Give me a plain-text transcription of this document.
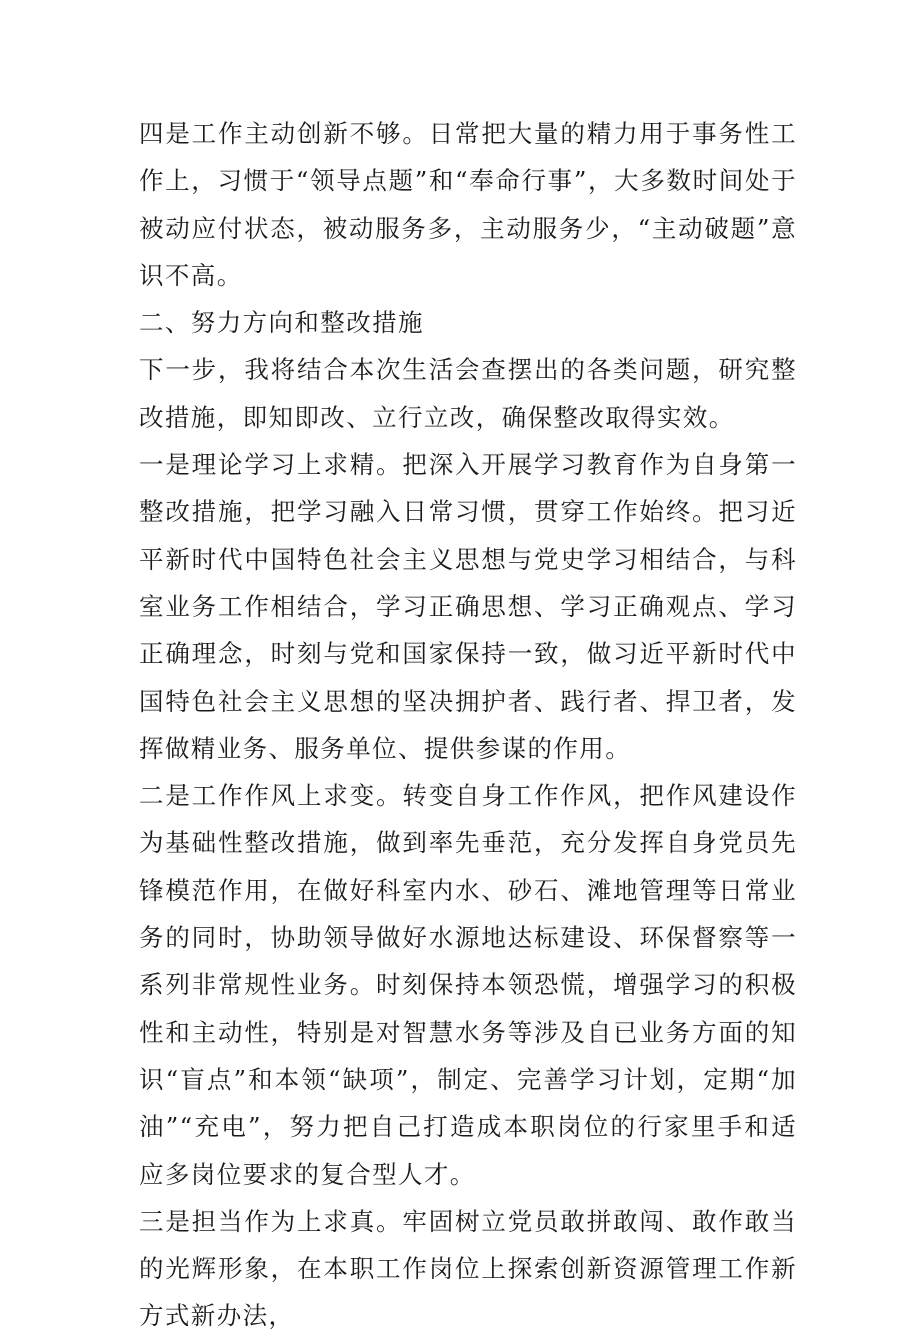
四是工作主动创新不够。日常把大量的精力用于事务性工作上，习惯于“领导点题”和“奉命行事”，大多数时间处于被动应付状态，被动服务多，主动服务少，“主动破题”意识不高。

二、努力方向和整改措施

下一步，我将结合本次生活会查摆出的各类问题，研究整改措施，即知即改、立行立改，确保整改取得实效。

一是理论学习上求精。把深入开展学习教育作为自身第一整改措施，把学习融入日常习惯，贯穿工作始终。把习近平新时代中国特色社会主义思想与党史学习相结合，与科室业务工作相结合，学习正确思想、学习正确观点、学习正确理念，时刻与党和国家保持一致，做习近平新时代中国特色社会主义思想的坚决拥护者、践行者、捍卫者，发挥做精业务、服务单位、提供参谋的作用。

二是工作作风上求变。转变自身工作作风，把作风建设作为基础性整改措施，做到率先垂范，充分发挥自身党员先锋模范作用，在做好科室内水、砂石、滩地管理等日常业务的同时，协助领导做好水源地达标建设、环保督察等一系列非常规性业务。时刻保持本领恐慌，增强学习的积极性和主动性，特别是对智慧水务等涉及自已业务方面的知识“盲点”和本领“缺项”，制定、完善学习计划，定期“加油”“充电”，努力把自己打造成本职岗位的行家里手和适应多岗位要求的复合型人才。

三是担当作为上求真。牢固树立党员敢拼敢闯、敢作敢当的光辉形象，在本职工作岗位上探索创新资源管理工作新方式新办法，
